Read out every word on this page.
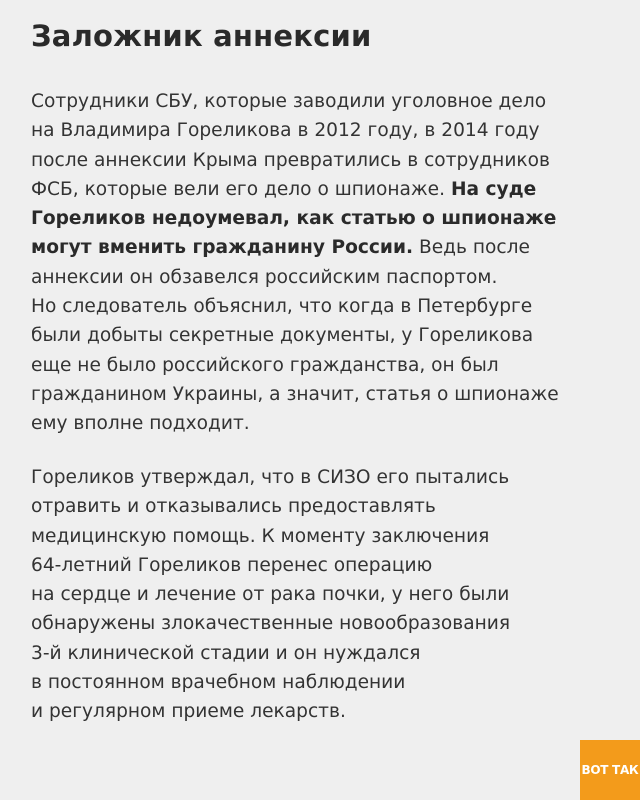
Заложник аннексии

Сотрудники СБУ, которые заводили уголовное дело
на Владимира Гореликова в 2012 году, в 2014 году
после аннексии Крыма превратились в сотрудников
ФСБ, которые вели его дело о шпионаже. На суде
Гореликов недоумевал, как статью о шпионаже
могут вменить гражданину России. Ведь после
аннексии он обзавелся российским паспортом.
Но следователь объяснил, что когда в Петербурге
были добыты секретные документы, у Гореликова
еще не было российского гражданства, он был
гражданином Украины, а значит, статья о шпионаже
ему вполне подходит.

Гореликов утверждал, что в СИЗО его пытались
отравить и отказывались предоставлять
медицинскую помощь. К моменту заключения
64-летний Гореликов перенес операцию
на сердце и лечение от рака почки, у него были
обнаружены злокачественные новообразования
3-й клинической стадии и он нуждался
в постоянном врачебном наблюдении
и регулярном приеме лекарств.

ВОТ ТАК
